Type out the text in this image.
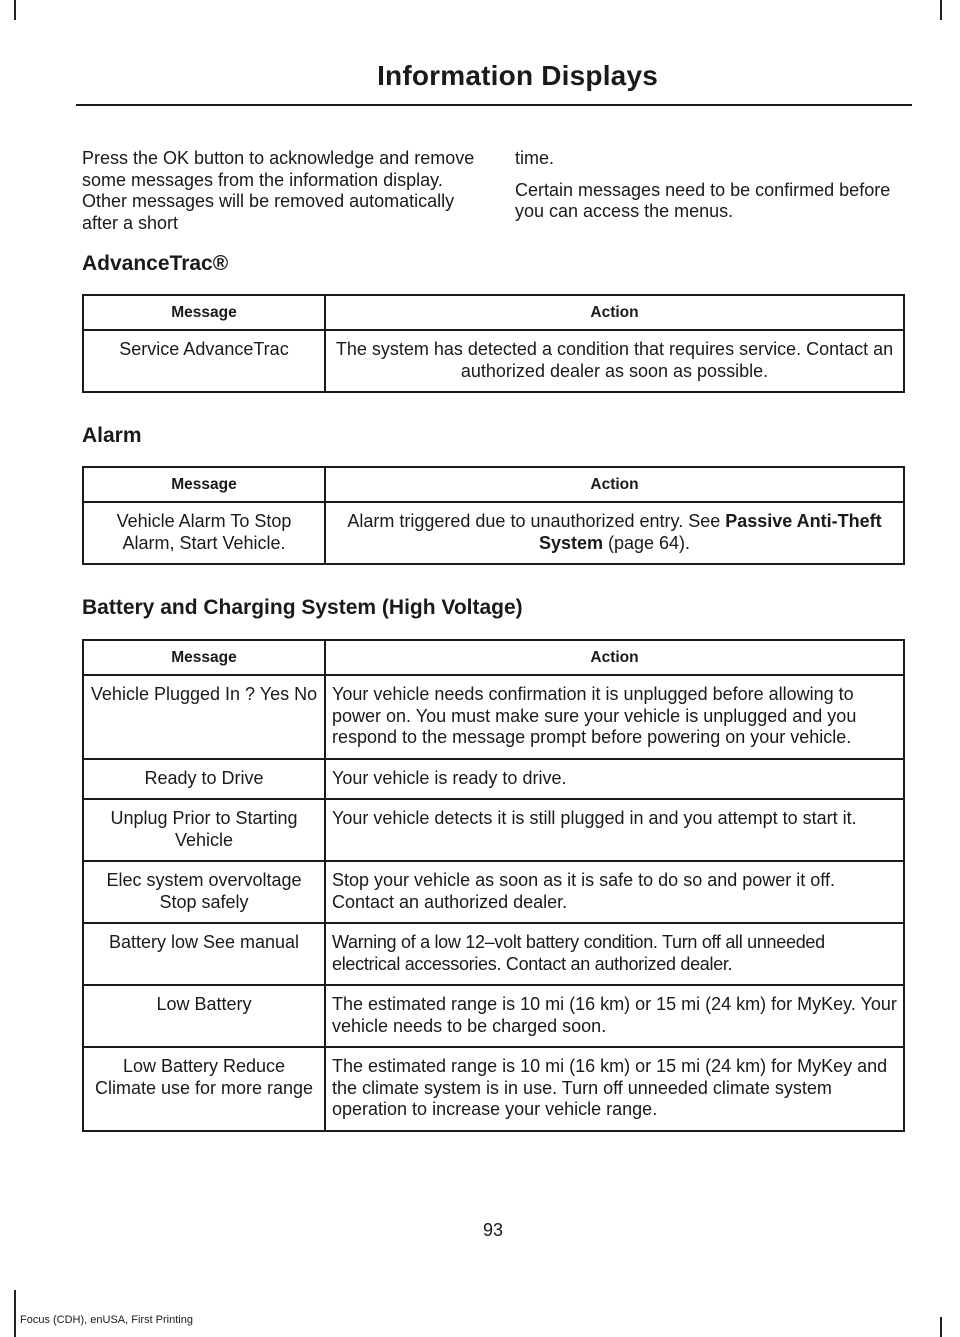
Information Displays

Press the OK button to acknowledge and remove some messages from the information display. Other messages will be removed automatically after a short

time.

Certain messages need to be confirmed before you can access the menus.

AdvanceTrac®
Message	Action
Service AdvanceTrac	The system has detected a condition that requires service. Contact an authorized dealer as soon as possible.
Alarm
Message	Action
Vehicle Alarm To Stop Alarm, Start Vehicle.	Alarm triggered due to unauthorized entry. See Passive Anti-Theft System (page 64).
Battery and Charging System (High Voltage)
Message	Action
Vehicle Plugged In ? Yes No	Your vehicle needs confirmation it is unplugged before allowing to power on. You must make sure your vehicle is unplugged and you respond to the message prompt before powering on your vehicle.
Ready to Drive	Your vehicle is ready to drive.
Unplug Prior to Starting Vehicle	Your vehicle detects it is still plugged in and you attempt to start it.
Elec system overvoltage Stop safely	Stop your vehicle as soon as it is safe to do so and power it off. Contact an authorized dealer.
Battery low See manual	Warning of a low 12–volt battery condition. Turn off all unneeded electrical accessories. Contact an authorized dealer.
Low Battery	The estimated range is 10 mi (16 km) or 15 mi (24 km) for MyKey. Your vehicle needs to be charged soon.
Low Battery Reduce Climate use for more range	The estimated range is 10 mi (16 km) or 15 mi (24 km) for MyKey and the climate system is in use. Turn off unneeded climate system operation to increase your vehicle range.
93
Focus (CDH), enUSA, First Printing
